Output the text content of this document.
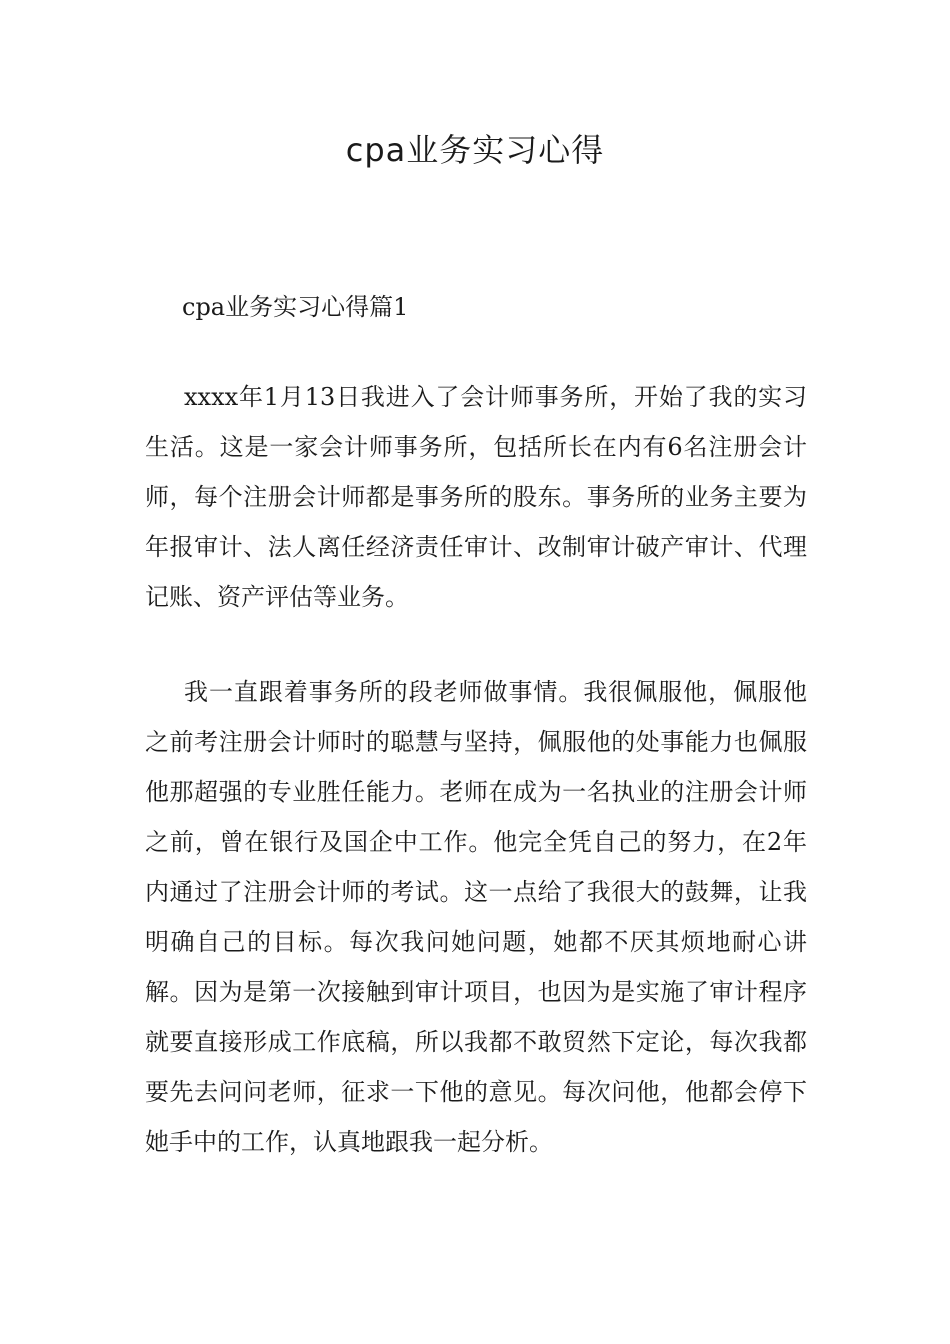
cpa业务实习心得

cpa业务实习心得篇1

xxxx年1月13日我进入了会计师事务所，开始了我的实习生活。这是一家会计师事务所，包括所长在内有6名注册会计师，每个注册会计师都是事务所的股东。事务所的业务主要为年报审计、法人离任经济责任审计、改制审计破产审计、代理记账、资产评估等业务。

我一直跟着事务所的段老师做事情。我很佩服他，佩服他之前考注册会计师时的聪慧与坚持，佩服他的处事能力也佩服他那超强的专业胜任能力。老师在成为一名执业的注册会计师之前，曾在银行及国企中工作。他完全凭自己的努力，在2年内通过了注册会计师的考试。这一点给了我很大的鼓舞，让我明确自己的目标。每次我问她问题，她都不厌其烦地耐心讲解。因为是第一次接触到审计项目，也因为是实施了审计程序就要直接形成工作底稿，所以我都不敢贸然下定论，每次我都要先去问问老师，征求一下他的意见。每次问他，他都会停下她手中的工作，认真地跟我一起分析。
